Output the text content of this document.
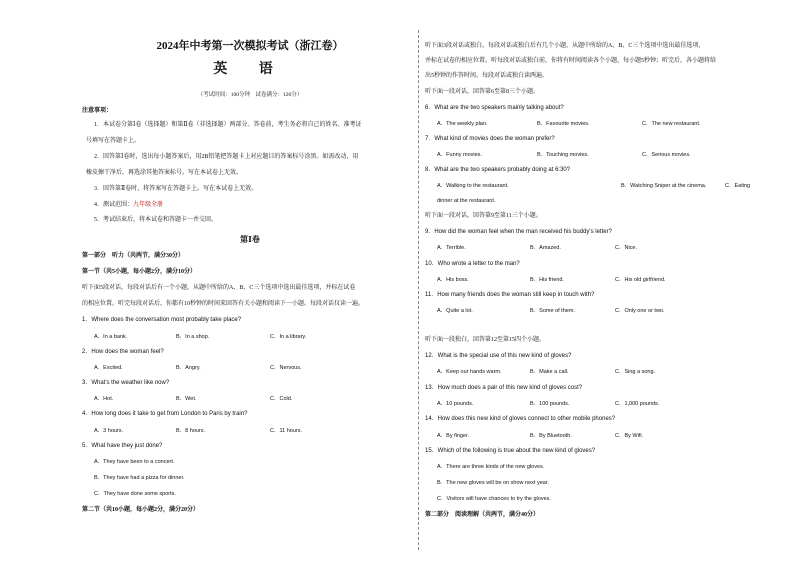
2024年中考第一次模拟考试（浙江卷）
英 语
（考试时间：100分钟　试卷满分：120分）
注意事项：
1．本试卷分第Ⅰ卷（选择题）和第Ⅱ卷（非选择题）两部分。答卷前，考生务必将自己的姓名、准考证
号填写在答题卡上。
2．回答第Ⅰ卷时，选出每小题答案后，用2B铅笔把答题卡上对应题目的答案标号涂黑。如需改动，用
橡皮擦干净后，再选涂其他答案标号。写在本试卷上无效。
3．回答第Ⅱ卷时，将答案写在答题卡上。写在本试卷上无效。
4．测试范围：九年级全册
5．考试结束后，将本试卷和答题卡一并交回。
第Ⅰ卷
第一部分　听力（共两节，满分30分）
第一节（共5小题，每小题2分，满分10分）
听下面5段对话，每段对话后有一个小题，从题中所给的A、B、C三个选项中选出最佳选项，并标在试卷
的相应位置。听完每段对话后，你都有10秒钟的时间来回答有关小题和阅读下一小题。每段对话仅读一遍。
1．Where does the conversation most probably take place?
A．In a bank.	B．In a shop.	C．In a library.
2．How does the woman feel?
A．Excited.	B．Angry.	C．Nervous.
3．What's the weather like now?
A．Hot.	B．Wet.	C．Cold.
4．How long does it take to get from London to Paris by train?
A．3 hours.	B．8 hours.	C．11 hours.
5．What have they just done?
A．They have been to a concert.
B．They have had a pizza for dinner.
C．They have done some sports.
第二节（共10小题，每小题2分，满分20分）
听下面3段对话或独白。每段对话或独白后有几个小题，从题中所给的A、B、C三个选项中选出最佳选项，
并标在试卷的相应位置。听每段对话或独白前，你将有时间阅读各个小题，每小题5秒钟；听完后，各小题将给
出5秒钟的作答时间。每段对话或独白读两遍。
听下面一段对话，回答第6至第8三个小题。
6．What are the two speakers mainly talking about?
A．The weekly plan.	B．Favourite movies.	C．The new restaurant.
7．What kind of movies does the woman prefer?
A．Funny movies.	B．Touching movies.	C．Serious movies.
8．What are the two speakers probably doing at 6:30?
A．Walking to the restaurant.	B．Watching Sniper at the cinema.	C．Eating
dinner at the restaurant.
听下面一段对话，回答第9至第11三个小题。
9．How did the woman feel when the man received his buddy's letter?
A．Terrible.	B．Amazed.	C．Nice.
10．Who wrote a letter to the man?
A．His boss.	B．His friend.	C．His old girlfriend.
11．How many friends does the woman still keep in touch with?
A．Quite a lot.	B．Some of them.	C．Only one or two.
听下面一段独白，回答第12至第15四个小题。
12．What is the special use of this new kind of gloves?
A．Keep our hands warm.	B．Make a call.	C．Sing a song.
13．How much does a pair of this new kind of gloves cost?
A．10 pounds.	B．100 pounds.	C．1,000 pounds.
14．How does this new kind of gloves connect to other mobile phones?
A．By finger.	B．By Bluetooth.	C．By Wifi.
15．Which of the following is true about the new kind of gloves?
A．There are three kinds of the new gloves.
B．The new gloves will be on show next year.
C．Visitors will have chances to try the gloves.
第二部分　阅读理解（共两节，满分40分）
